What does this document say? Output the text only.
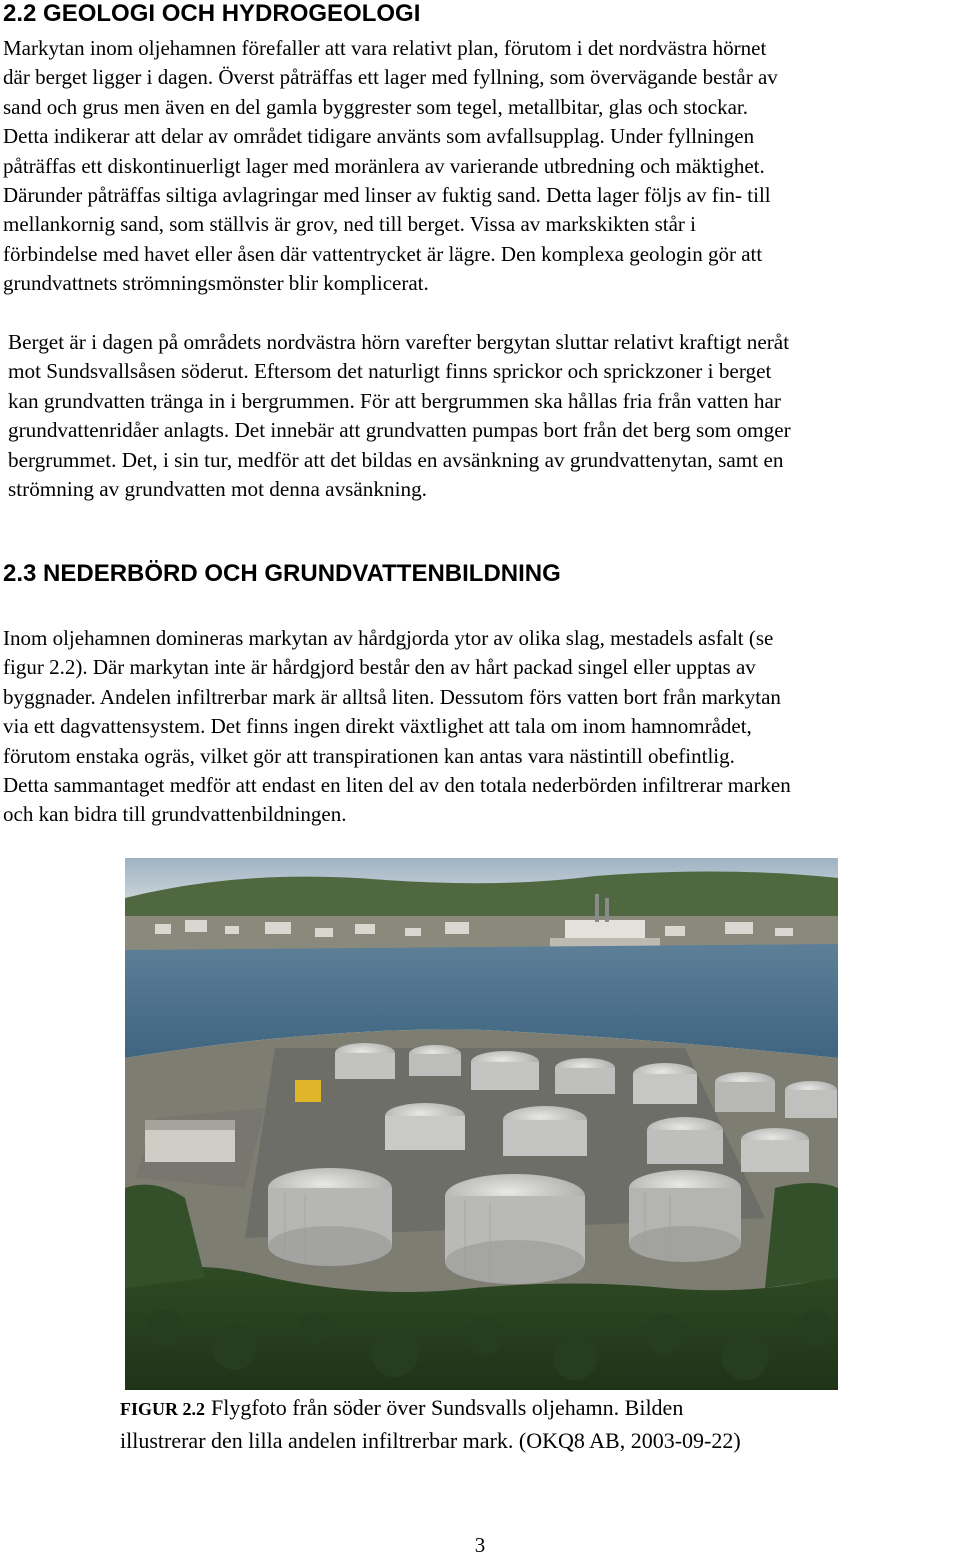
2.2 GEOLOGI OCH HYDROGEOLOGI
Markytan inom oljehamnen förefaller att vara relativt plan, förutom i det nordvästra hörnet
där berget ligger i dagen. Överst påträffas ett lager med fyllning, som övervägande består av
sand och grus men även en del gamla byggrester som tegel, metallbitar, glas och stockar.
Detta indikerar att delar av området tidigare använts som avfallsupplag. Under fyllningen
påträffas ett diskontinuerligt lager med moränlera av varierande utbredning och mäktighet.
Därunder påträffas siltiga avlagringar med linser av fuktig sand. Detta lager följs av fin- till
mellankornig sand, som ställvis är grov, ned till berget. Vissa av markskikten står i
förbindelse med havet eller åsen där vattentrycket är lägre. Den komplexa geologin gör att
grundvattnets strömningsmönster blir komplicerat.
Berget är i dagen på områdets nordvästra hörn varefter bergytan sluttar relativt kraftigt neråt
mot Sundsvallsåsen söderut. Eftersom det naturligt finns sprickor och sprickzoner i berget
kan grundvatten tränga in i bergrummen. För att bergrummen ska hållas fria från vatten har
grundvattenridåer anlagts. Det innebär att grundvatten pumpas bort från det berg som omger
bergrummet. Det, i sin tur, medför att det bildas en avsänkning av grundvattenytan, samt en
strömning av grundvatten mot denna avsänkning.
2.3 NEDERBÖRD OCH GRUNDVATTENBILDNING
Inom oljehamnen domineras markytan av hårdgjorda ytor av olika slag, mestadels asfalt (se
figur 2.2). Där markytan inte är hårdgjord består den av hårt packad singel eller upptas av
byggnader. Andelen infiltrerbar mark är alltså liten. Dessutom förs vatten bort från markytan
via ett dagvattensystem. Det finns ingen direkt växtlighet att tala om inom hamnområdet,
förutom enstaka ogräs, vilket gör att transpirationen kan antas vara nästintill obefintlig.
Detta sammantaget medför att endast en liten del av den totala nederbörden infiltrerar marken
och kan bidra till grundvattenbildningen.

FIGUR 2.2 Flygfoto från söder över Sundsvalls oljehamn. Bilden
illustrerar den lilla andelen infiltrerbar mark. (OKQ8 AB, 2003-09-22)

3
